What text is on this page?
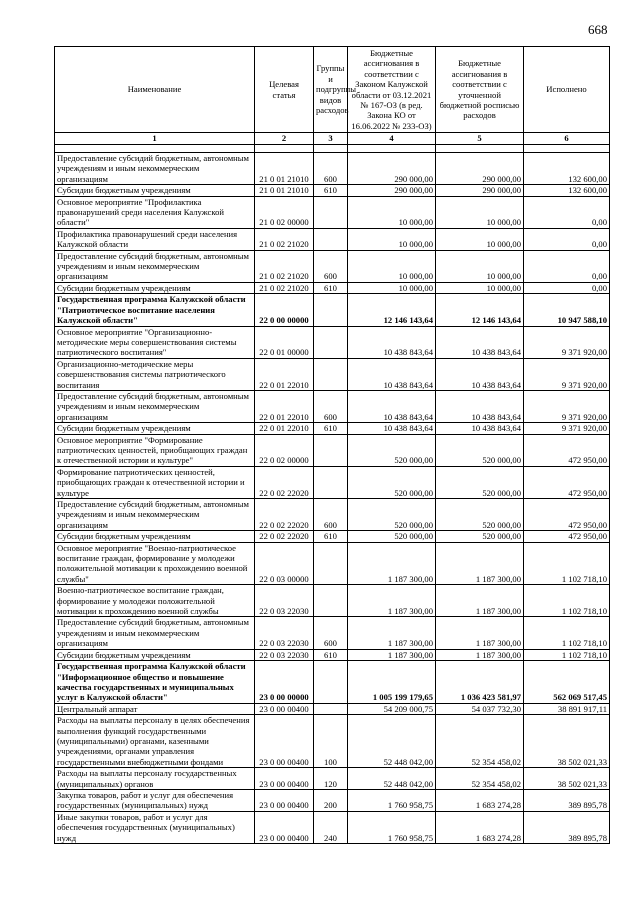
668
Наименование	Целевая статья	Группы и подгруппы видов расходов	Бюджетные ассигнования в соответствии с Законом Калужской области от 03.12.2021 № 167-ОЗ (в ред. Закона КО от 16.06.2022 № 233-ОЗ)	Бюджетные ассигнования в соответствии с уточненной бюджетной росписью расходов	Исполнено
1	2	3	4	5	6

Предоставление субсидий бюджетным, автономным учреждениям и иным некоммерческим организациям	21 0 01 21010	600	290 000,00	290 000,00	132 600,00
Субсидии бюджетным учреждениям	21 0 01 21010	610	290 000,00	290 000,00	132 600,00
Основное мероприятие "Профилактика правонарушений среди населения Калужской области"	21 0 02 00000		10 000,00	10 000,00	0,00
Профилактика правонарушений среди населения Калужской области	21 0 02 21020		10 000,00	10 000,00	0,00
Предоставление субсидий бюджетным, автономным учреждениям и иным некоммерческим организациям	21 0 02 21020	600	10 000,00	10 000,00	0,00
Субсидии бюджетным учреждениям	21 0 02 21020	610	10 000,00	10 000,00	0,00
Государственная программа Калужской области "Патриотическое воспитание населения Калужской области"	22 0 00 00000		12 146 143,64	12 146 143,64	10 947 588,10
Основное мероприятие "Организационно-методические меры совершенствования системы патриотического воспитания"	22 0 01 00000		10 438 843,64	10 438 843,64	9 371 920,00
Организационно-методические меры совершенствования системы патриотического воспитания	22 0 01 22010		10 438 843,64	10 438 843,64	9 371 920,00
Предоставление субсидий бюджетным, автономным учреждениям и иным некоммерческим организациям	22 0 01 22010	600	10 438 843,64	10 438 843,64	9 371 920,00
Субсидии бюджетным учреждениям	22 0 01 22010	610	10 438 843,64	10 438 843,64	9 371 920,00
Основное мероприятие "Формирование патриотических ценностей, приобщающих граждан к отечественной истории и культуре"	22 0 02 00000		520 000,00	520 000,00	472 950,00
Формирование патриотических ценностей, приобщающих граждан к отечественной истории и культуре	22 0 02 22020		520 000,00	520 000,00	472 950,00
Предоставление субсидий бюджетным, автономным учреждениям и иным некоммерческим организациям	22 0 02 22020	600	520 000,00	520 000,00	472 950,00
Субсидии бюджетным учреждениям	22 0 02 22020	610	520 000,00	520 000,00	472 950,00
Основное мероприятие "Военно-патриотическое воспитание граждан, формирование у молодежи положительной мотивации к прохождению военной службы"	22 0 03 00000		1 187 300,00	1 187 300,00	1 102 718,10
Военно-патриотическое воспитание граждан, формирование у молодежи положительной мотивации к прохождению военной службы	22 0 03 22030		1 187 300,00	1 187 300,00	1 102 718,10
Предоставление субсидий бюджетным, автономным учреждениям и иным некоммерческим организациям	22 0 03 22030	600	1 187 300,00	1 187 300,00	1 102 718,10
Субсидии бюджетным учреждениям	22 0 03 22030	610	1 187 300,00	1 187 300,00	1 102 718,10
Государственная программа Калужской области "Информационное общество и повышение качества государственных и муниципальных услуг в Калужской области"	23 0 00 00000		1 005 199 179,65	1 036 423 581,97	562 069 517,45
Центральный аппарат	23 0 00 00400		54 209 000,75	54 037 732,30	38 891 917,11
Расходы на выплаты персоналу в целях обеспечения выполнения функций государственными (муниципальными) органами, казенными учреждениями, органами управления государственными внебюджетными фондами	23 0 00 00400	100	52 448 042,00	52 354 458,02	38 502 021,33
Расходы на выплаты персоналу государственных (муниципальных) органов	23 0 00 00400	120	52 448 042,00	52 354 458,02	38 502 021,33
Закупка товаров, работ и услуг для обеспечения государственных (муниципальных) нужд	23 0 00 00400	200	1 760 958,75	1 683 274,28	389 895,78
Иные закупки товаров, работ и услуг для обеспечения государственных (муниципальных) нужд	23 0 00 00400	240	1 760 958,75	1 683 274,28	389 895,78
